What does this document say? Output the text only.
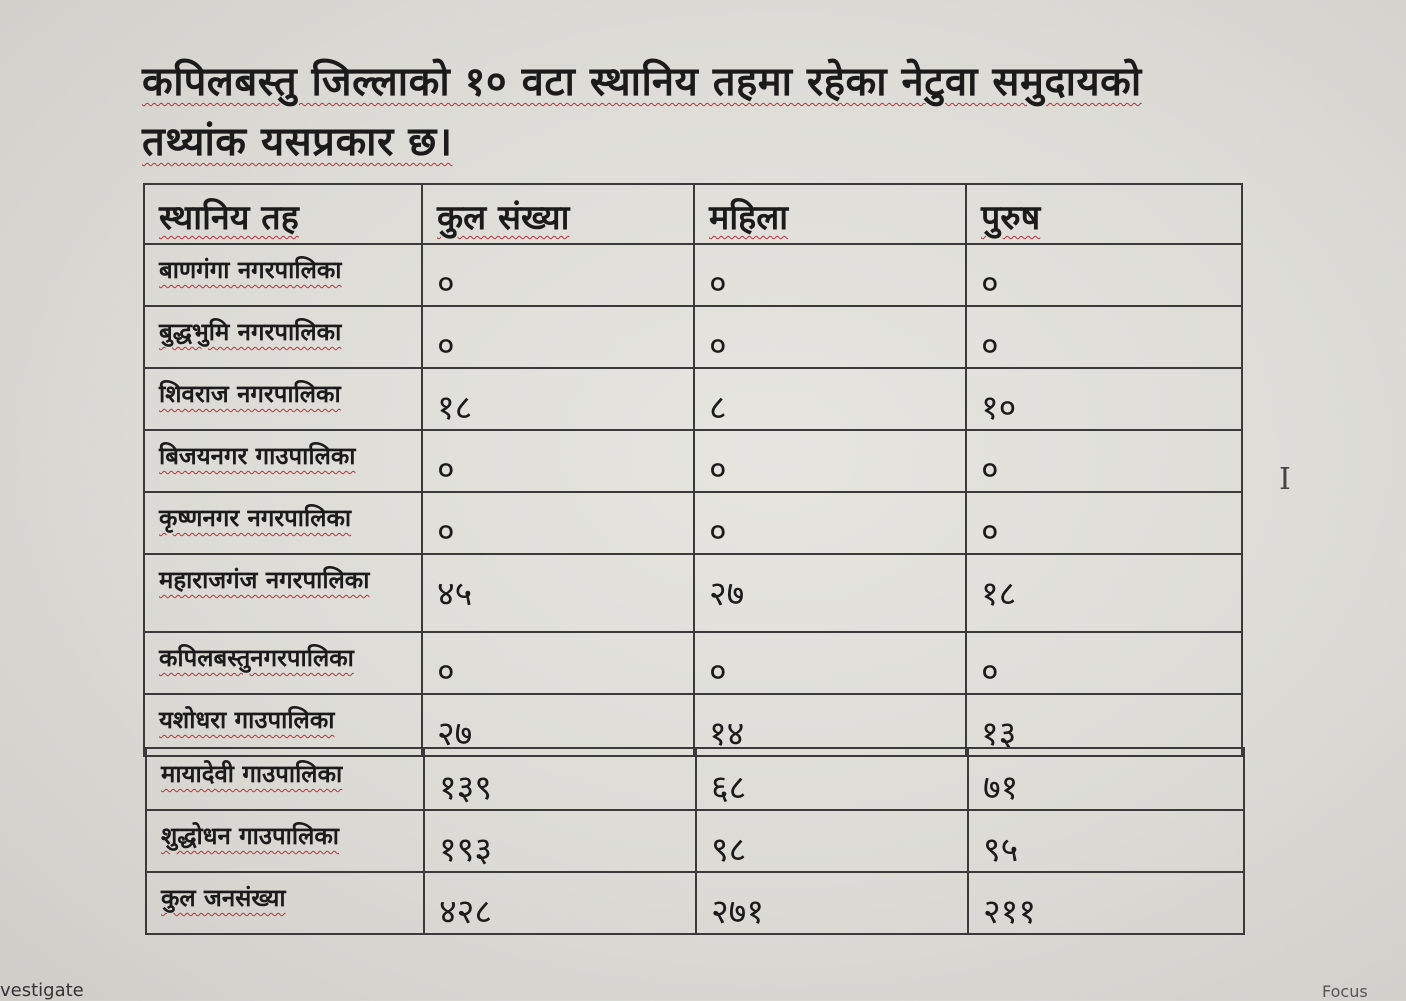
कपिलबस्तु जिल्लाको १० वटा स्थानिय तहमा रहेका नेटुवा समुदायको
तथ्यांक यसप्रकार छ।
स्थानिय तह	कुल संख्या	महिला	पुरुष
बाणगंगा नगरपालिका	०	०	०
बुद्धभुमि नगरपालिका	०	०	०
शिवराज नगरपालिका	१८	८	१०
बिजयनगर गाउपालिका	०	०	०
कृष्णनगर नगरपालिका	०	०	०
महाराजगंज नगरपालिका	४५	२७	१८
कपिलबस्तुनगरपालिका	०	०	०
यशोधरा गाउपालिका	२७	१४	१३
मायादेवी गाउपालिका	१३९	६८	७१
शुद्धोधन गाउपालिका	१९३	९८	९५
कुल जनसंख्या	४२८	२७१	२११
I
vestigate	Focus
